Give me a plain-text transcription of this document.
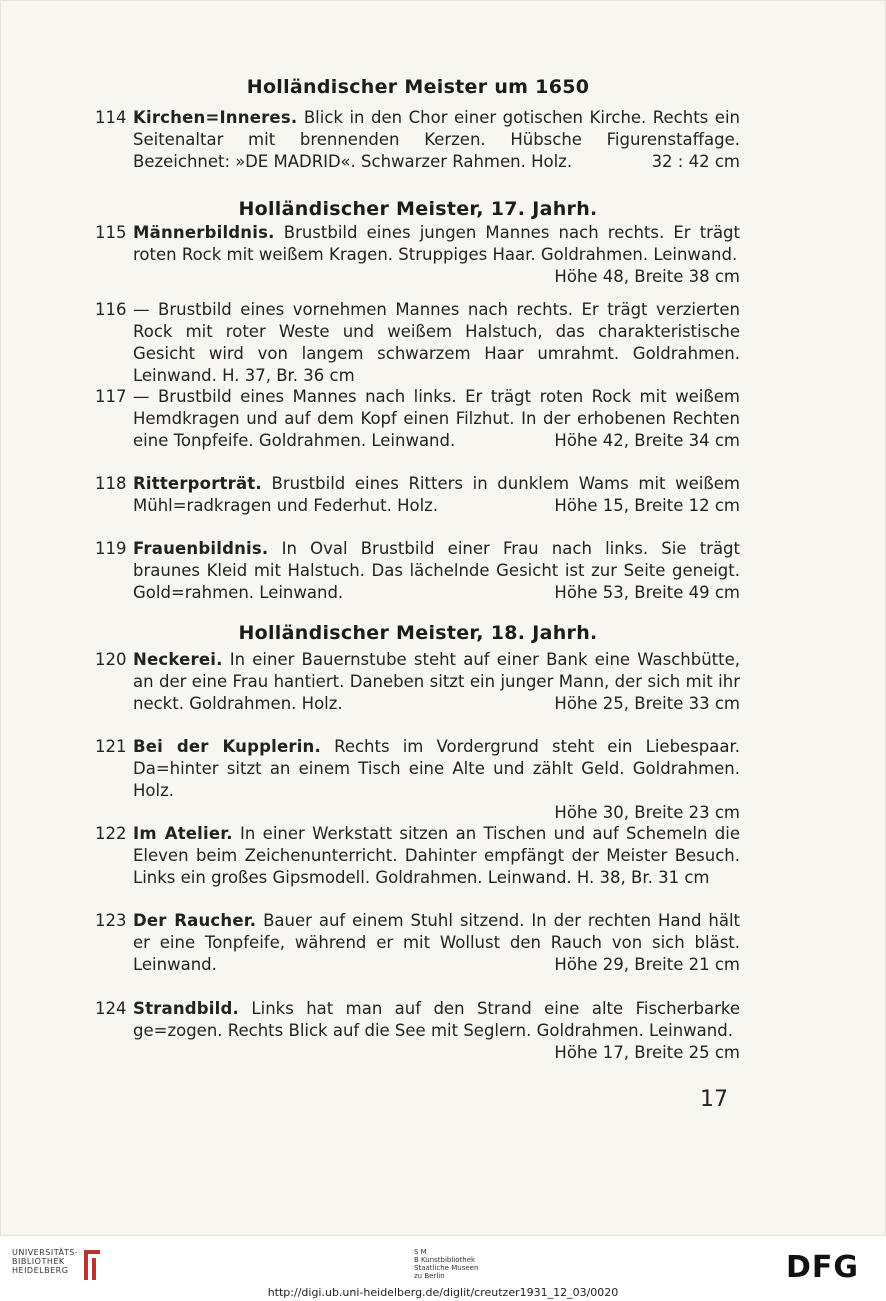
Holländischer Meister um 1650
114 Kirchen=Inneres. Blick in den Chor einer gotischen Kirche. Rechts ein Seitenaltar mit brennenden Kerzen. Hübsche Figurenstaffage. Bezeichnet: »DE MADRID«. Schwarzer Rahmen. Holz.	32 : 42 cm
Holländischer Meister, 17. Jahrh.
115 Männerbildnis. Brustbild eines jungen Mannes nach rechts. Er trägt roten Rock mit weißem Kragen. Struppiges Haar. Goldrahmen. Leinwand.
Höhe 48, Breite 38 cm
116 — Brustbild eines vornehmen Mannes nach rechts. Er trägt verzierten Rock mit roter Weste und weißem Halstuch, das charakteristische Gesicht wird von langem schwarzem Haar umrahmt. Goldrahmen. Leinwand. H. 37, Br. 36 cm
117 — Brustbild eines Mannes nach links. Er trägt roten Rock mit weißem Hemdkragen und auf dem Kopf einen Filzhut. In der erhobenen Rechten eine Tonpfeife. Goldrahmen. Leinwand.	Höhe 42, Breite 34 cm
118 Ritterporträt. Brustbild eines Ritters in dunklem Wams mit weißem Mühl=radkragen und Federhut. Holz.	Höhe 15, Breite 12 cm
119 Frauenbildnis. In Oval Brustbild einer Frau nach links. Sie trägt braunes Kleid mit Halstuch. Das lächelnde Gesicht ist zur Seite geneigt. Gold=rahmen. Leinwand.	Höhe 53, Breite 49 cm
Holländischer Meister, 18. Jahrh.
120 Neckerei. In einer Bauernstube steht auf einer Bank eine Waschbütte, an der eine Frau hantiert. Daneben sitzt ein junger Mann, der sich mit ihr neckt. Goldrahmen. Holz.	Höhe 25, Breite 33 cm
121 Bei der Kupplerin. Rechts im Vordergrund steht ein Liebespaar. Da=hinter sitzt an einem Tisch eine Alte und zählt Geld. Goldrahmen. Holz.
Höhe 30, Breite 23 cm
122 Im Atelier. In einer Werkstatt sitzen an Tischen und auf Schemeln die Eleven beim Zeichenunterricht. Dahinter empfängt der Meister Besuch. Links ein großes Gipsmodell. Goldrahmen. Leinwand. H. 38, Br. 31 cm
123 Der Raucher. Bauer auf einem Stuhl sitzend. In der rechten Hand hält er eine Tonpfeife, während er mit Wollust den Rauch von sich bläst. Leinwand.	Höhe 29, Breite 21 cm
124 Strandbild. Links hat man auf den Strand eine alte Fischerbarke ge=zogen. Rechts Blick auf die See mit Seglern. Goldrahmen. Leinwand.
Höhe 17, Breite 25 cm
17
UNIVERSITÄTS-
BIBLIOTHEK
HEIDELBERG
S M
B Kunstbibliothek
Staatliche Museen
zu Berlin	DFG
http://digi.ub.uni-heidelberg.de/diglit/creutzer1931_12_03/0020
